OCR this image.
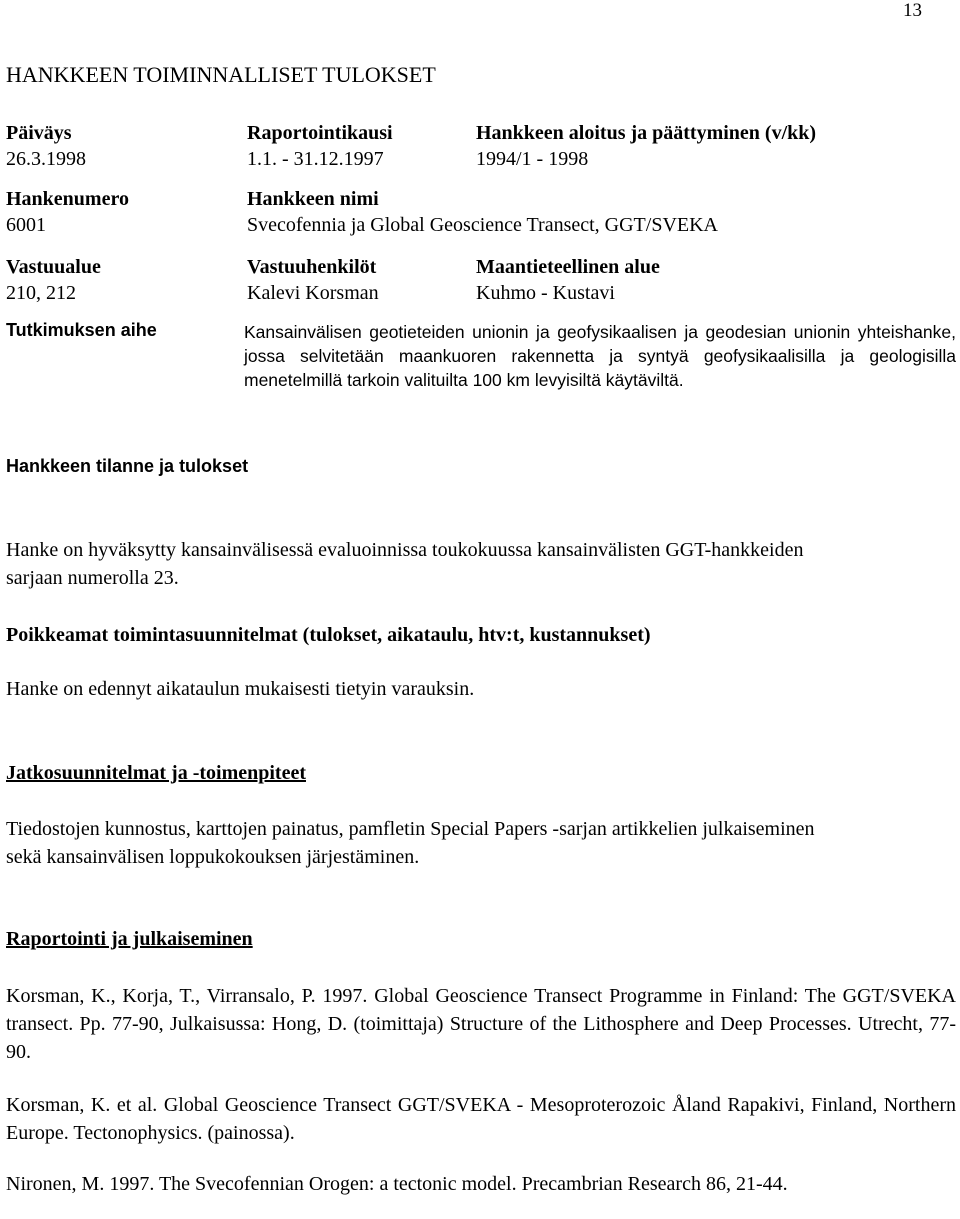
13
HANKKEEN TOIMINNALLISET TULOKSET
Päiväys
26.3.1998
Raportointikausi
1.1. - 31.12.1997
Hankkeen aloitus ja päättyminen (v/kk)
1994/1 - 1998
Hankenumero
6001
Hankkeen nimi
Svecofennia ja Global Geoscience Transect, GGT/SVEKA
Vastuualue
210, 212
Vastuuhenkilöt
Kalevi Korsman
Maantieteellinen alue
Kuhmo - Kustavi
Tutkimuksen aihe	Kansainvälisen geotieteiden unionin ja geofysikaalisen ja geodesian unionin yhteishanke, jossa selvitetään maankuoren rakennetta ja syntyä geofysikaalisilla ja geologisilla menetelmillä tarkoin valituilta 100 km levyisiltä käytäviltä.
Hankkeen tilanne ja tulokset
Hanke on hyväksytty kansainvälisessä evaluoinnissa toukokuussa kansainvälisten GGT-hankkeiden sarjaan numerolla 23.
Poikkeamat toimintasuunnitelmat (tulokset, aikataulu, htv:t, kustannukset)
Hanke on edennyt aikataulun mukaisesti tietyin varauksin.
Jatkosuunnitelmat ja -toimenpiteet
Tiedostojen kunnostus, karttojen painatus, pamfletin Special Papers -sarjan artikkelien julkaiseminen sekä kansainvälisen loppukokouksen järjestäminen.
Raportointi ja julkaiseminen
Korsman, K., Korja, T., Virransalo, P. 1997. Global Geoscience Transect Programme in Finland: The GGT/SVEKA transect. Pp. 77-90, Julkaisussa: Hong, D. (toimittaja) Structure of the Lithosphere and Deep Processes. Utrecht, 77-90.
Korsman, K. et al. Global Geoscience Transect GGT/SVEKA - Mesoproterozoic Åland Rapakivi, Finland, Northern Europe. Tectonophysics. (painossa).
Nironen, M. 1997. The Svecofennian Orogen: a tectonic model. Precambrian Research 86, 21-44.
